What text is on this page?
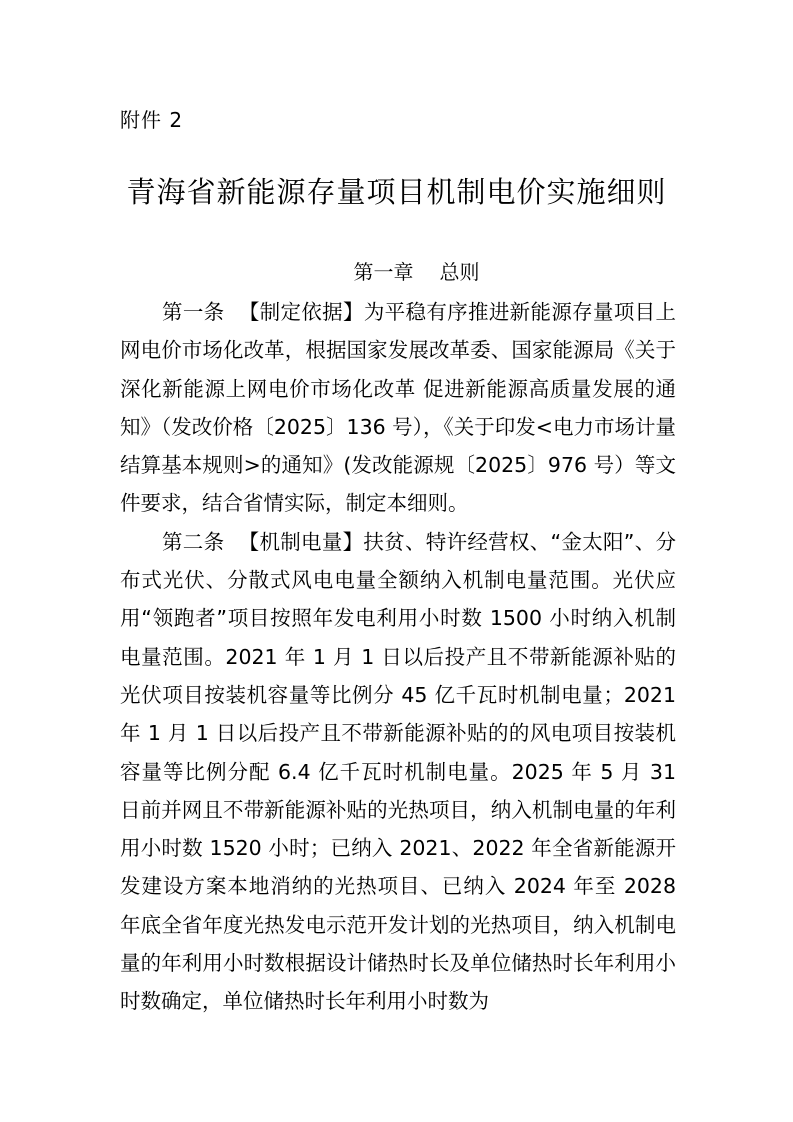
附件 2
青海省新能源存量项目机制电价实施细则
第一章 总则

第一条 【制定依据】为平稳有序推进新能源存量项目上网电价市场化改革，根据国家发展改革委、国家能源局《关于深化新能源上网电价市场化改革 促进新能源高质量发展的通知》（发改价格〔2025〕136 号），《关于印发<电力市场计量结算基本规则>的通知》(发改能源规〔2025〕976 号）等文件要求，结合省情实际，制定本细则。

第二条 【机制电量】扶贫、特许经营权、“金太阳”、分布式光伏、分散式风电电量全额纳入机制电量范围。光伏应用“领跑者”项目按照年发电利用小时数 1500 小时纳入机制电量范围。2021 年 1 月 1 日以后投产且不带新能源补贴的光伏项目按装机容量等比例分 45 亿千瓦时机制电量；2021 年 1 月 1 日以后投产且不带新能源补贴的的风电项目按装机容量等比例分配 6.4 亿千瓦时机制电量。2025 年 5 月 31 日前并网且不带新能源补贴的光热项目，纳入机制电量的年利用小时数 1520 小时；已纳入 2021、2022 年全省新能源开发建设方案本地消纳的光热项目、已纳入 2024 年至 2028 年底全省年度光热发电示范开发计划的光热项目，纳入机制电量的年利用小时数根据设计储热时长及单位储热时长年利用小时数确定，单位储热时长年利用小时数为
